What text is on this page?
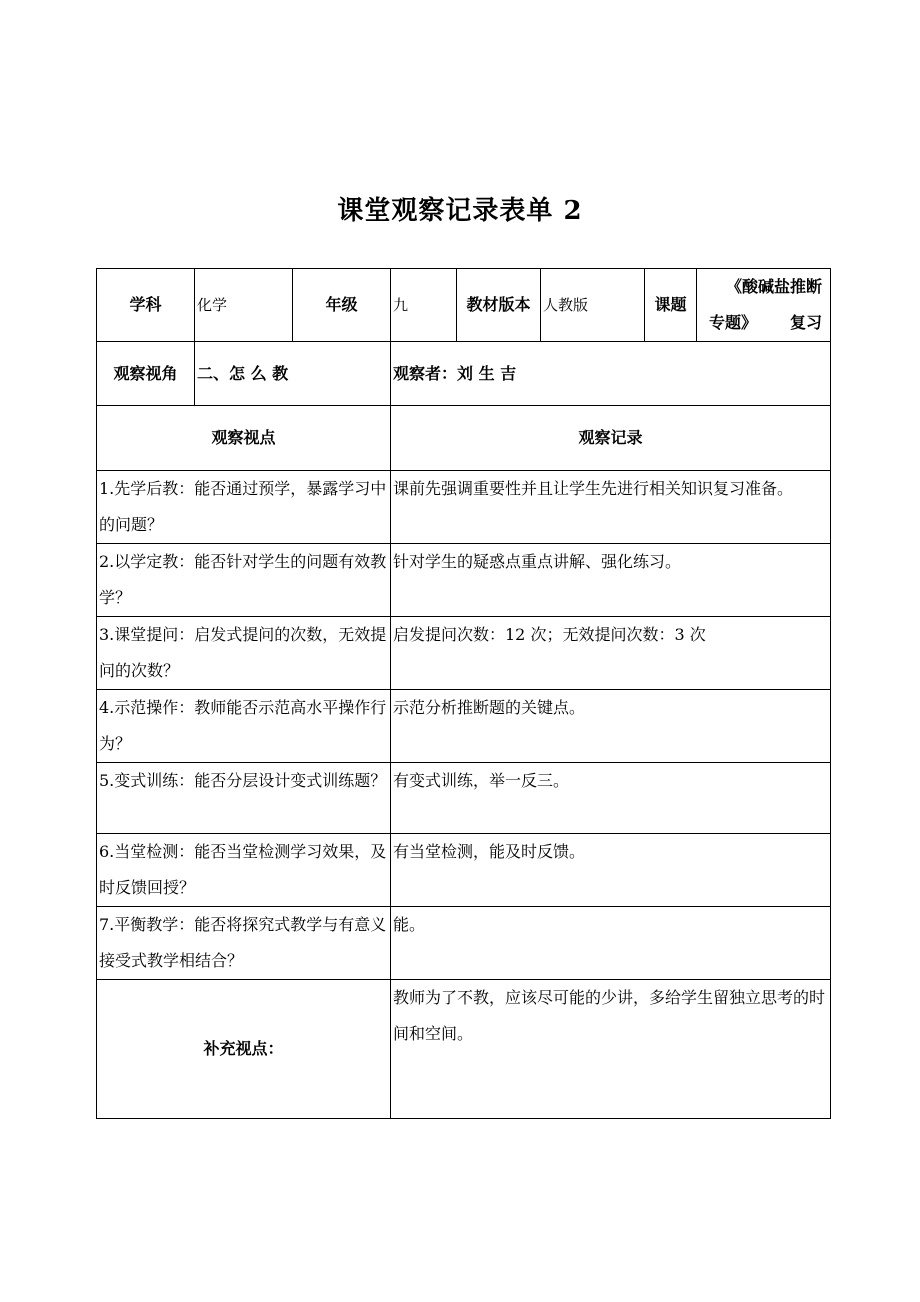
课堂观察记录表单 2
学科	化学	年级	九	教材版本	人教版	课题	《酸碱盐推断
专题》 复习

观察视角	二、怎 么 教		观察者：刘 生 吉				
观察视点			观察记录				
1.先学后教：能否通过预学，暴露学习中的问题？			课前先强调重要性并且让学生先进行相关知识复习准备。				
2.以学定教：能否针对学生的问题有效教学？			针对学生的疑惑点重点讲解、强化练习。				
3.课堂提问：启发式提问的次数，无效提问的次数？			启发提问次数：12 次；无效提问次数：3 次				
4.示范操作：教师能否示范高水平操作行为？			示范分析推断题的关键点。				
5.变式训练：能否分层设计变式训练题？			有变式训练，举一反三。				
6.当堂检测：能否当堂检测学习效果，及时反馈回授？			有当堂检测，能及时反馈。				
7.平衡教学：能否将探究式教学与有意义接受式教学相结合？			能。				
补充视点：			教师为了不教，应该尽可能的少讲，多给学生留独立思考的时间和空间。				
